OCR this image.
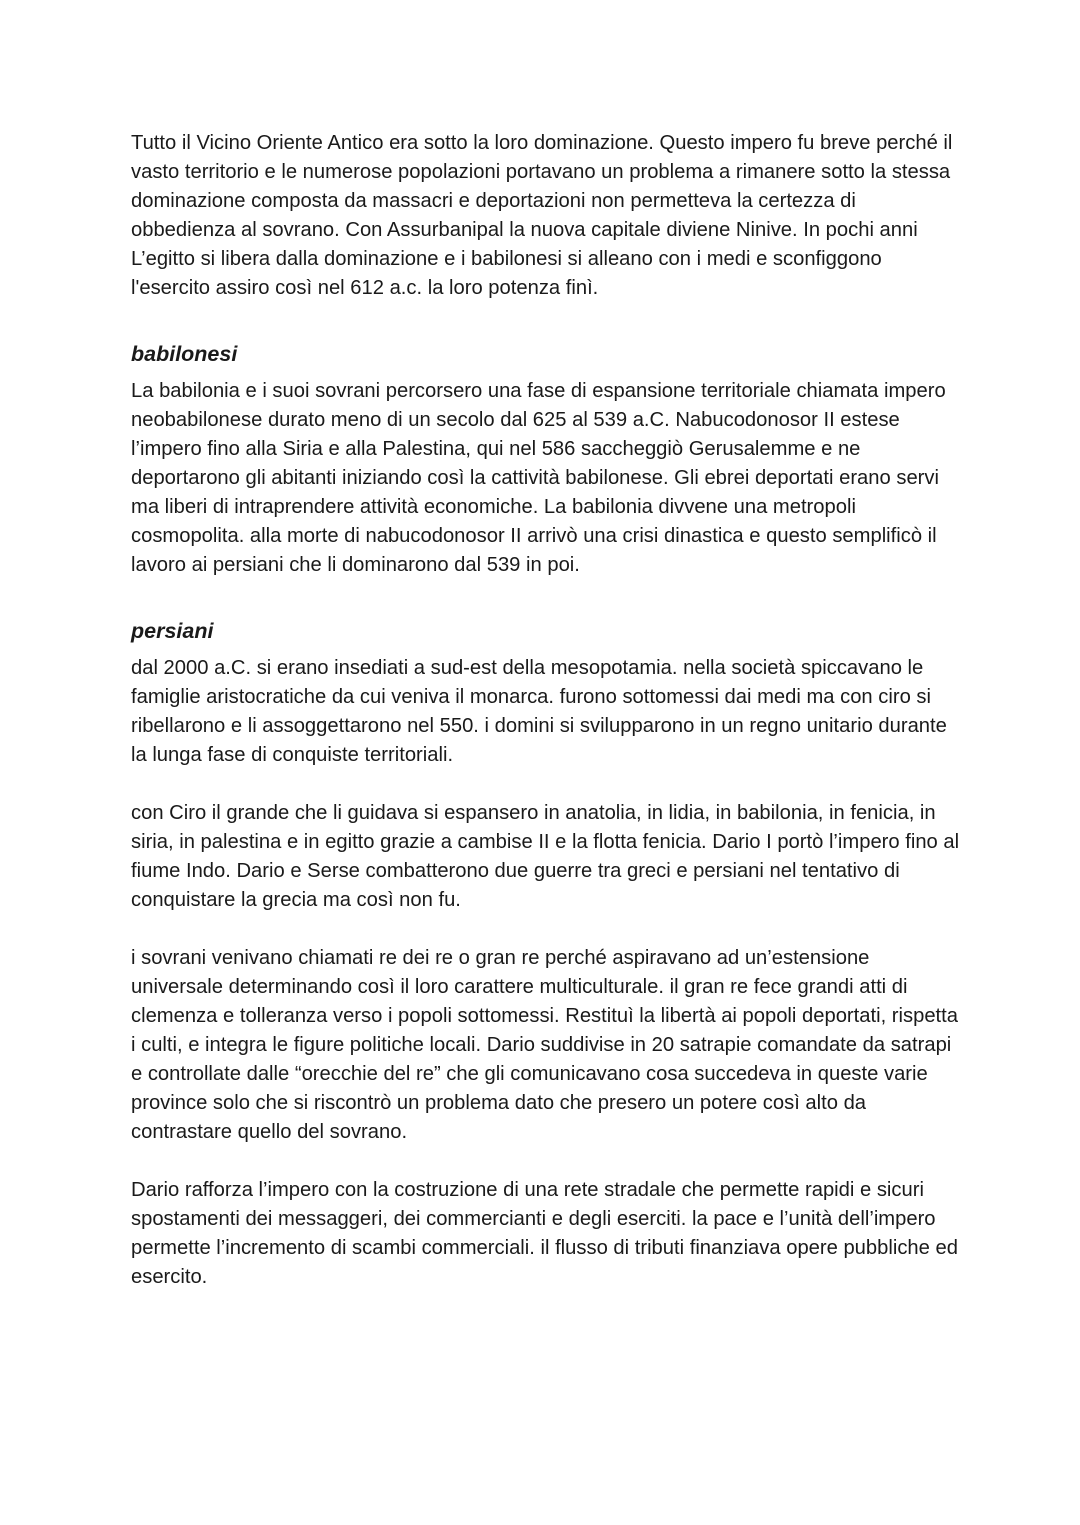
Tutto il Vicino Oriente Antico era sotto la loro dominazione. Questo impero fu breve perché il vasto territorio e le numerose popolazioni portavano un problema a rimanere sotto la stessa dominazione composta da massacri e deportazioni non permetteva la certezza di obbedienza al sovrano. Con Assurbanipal la nuova capitale diviene Ninive. In pochi anni L’egitto si libera dalla dominazione e i babilonesi si alleano con i medi e sconfiggono l'esercito assiro così nel 612 a.c. la loro potenza finì.

babilonesi

La babilonia e i suoi sovrani percorsero una fase di espansione territoriale chiamata impero neobabilonese durato meno di un secolo dal 625 al 539 a.C. Nabucodonosor II estese l’impero fino alla Siria e alla Palestina, qui nel 586 saccheggiò Gerusalemme e ne deportarono gli abitanti iniziando così la cattività babilonese. Gli ebrei deportati erano servi ma liberi di intraprendere attività economiche. La babilonia divvene una metropoli cosmopolita. alla morte di nabucodonosor II arrivò una crisi dinastica e questo semplificò il lavoro ai persiani che li dominarono dal 539 in poi.

persiani

dal 2000 a.C. si erano insediati a sud-est della mesopotamia. nella società spiccavano le famiglie aristocratiche da cui veniva il monarca. furono sottomessi dai medi ma con ciro si ribellarono e li assoggettarono nel 550. i domini si svilupparono in un regno unitario durante la lunga fase di conquiste territoriali.

con Ciro il grande che li guidava si espansero in anatolia, in lidia, in babilonia, in fenicia, in siria, in palestina e in egitto grazie a cambise II e la flotta fenicia. Dario I portò l’impero fino al fiume Indo. Dario e Serse combatterono due guerre tra greci e persiani nel tentativo di conquistare la grecia ma così non fu.

i sovrani venivano chiamati re dei re o gran re perché aspiravano ad un’estensione universale determinando così il loro carattere multiculturale. il gran re fece grandi atti di clemenza e tolleranza verso i popoli sottomessi. Restituì la libertà ai popoli deportati, rispetta i culti, e integra le figure politiche locali. Dario suddivise in 20 satrapie comandate da satrapi e controllate dalle “orecchie del re” che gli comunicavano cosa succedeva in queste varie province solo che si riscontrò un problema dato che presero un potere così alto da contrastare quello del sovrano.

Dario rafforza l’impero con la costruzione di una rete stradale che permette rapidi e sicuri spostamenti dei messaggeri, dei commercianti e degli eserciti. la pace e l’unità dell’impero permette l’incremento di scambi commerciali. il flusso di tributi finanziava opere pubbliche ed esercito.
